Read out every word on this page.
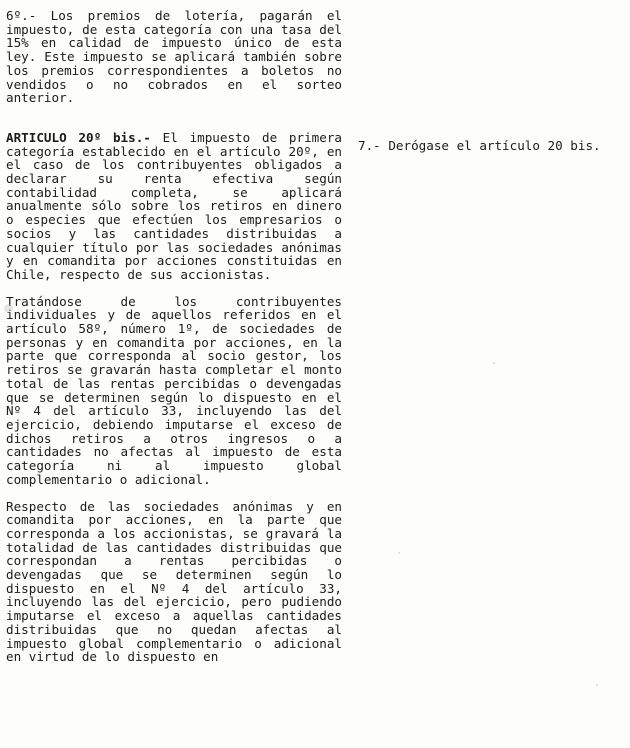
6º.- Los premios de lotería, pagarán el impuesto, de esta categoría con una tasa del 15% en calidad de impuesto único de esta ley. Este impuesto se aplicará también sobre los premios correspondientes a boletos no vendidos o no cobrados en el sorteo anterior.

ARTICULO 20º bis.- El impuesto de primera categoría establecido en el artículo 20º, en el caso de los contribuyentes obligados a declarar su renta efectiva según contabilidad completa, se aplicará anualmente sólo sobre los retiros en dinero o especies que efectúen los empresarios o socios y las cantidades distribuidas a cualquier título por las sociedades anónimas y en comandita por acciones constituidas en Chile, respecto de sus accionistas.

Tratándose de los contribuyentes individuales y de aquellos referidos en el artículo 58º, número 1º, de sociedades de personas y en comandita por acciones, en la parte que corresponda al socio gestor, los retiros se gravarán hasta completar el monto total de las rentas percibidas o devengadas que se determinen según lo dispuesto en el Nº 4 del artículo 33, incluyendo las del ejercicio, debiendo imputarse el exceso de dichos retiros a otros ingresos o a cantidades no afectas al impuesto de esta categoría ni al impuesto global complementario o adicional.

Respecto de las sociedades anónimas y en comandita por acciones, en la parte que corresponda a los accionistas, se gravará la totalidad de las cantidades distribuidas que correspondan a rentas percibidas o devengadas que se determinen según lo dispuesto en el Nº 4 del artículo 33, incluyendo las del ejercicio, pero pudiendo imputarse el exceso a aquellas cantidades distribuidas que no quedan afectas al impuesto global complementario o adicional en virtud de lo dispuesto en

7.- Derógase el artículo 20 bis.
